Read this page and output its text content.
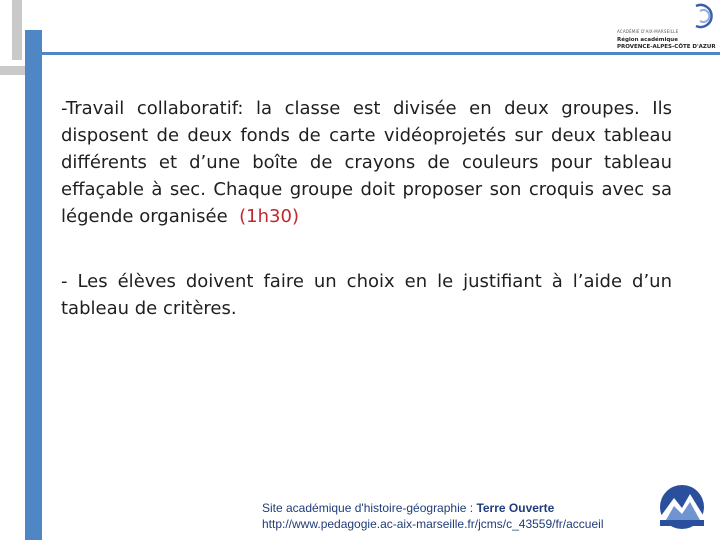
ACADÉMIE D'AIX-MARSEILLE
Région académique
PROVENCE-ALPES-CÔTE D'AZUR

-Travail collaboratif: la classe est divisée en deux groupes. Ils disposent de deux fonds de carte vidéoprojetés sur deux tableau différents et d’une boîte de crayons de couleurs pour tableau effaçable à sec. Chaque groupe doit proposer son croquis avec sa légende organisée (1h30)

- Les élèves doivent faire un choix en le justifiant à l’aide d’un tableau de critères.

Site académique d'histoire-géographie : Terre Ouverte
http://www.pedagogie.ac-aix-marseille.fr/jcms/c_43559/fr/accueil
